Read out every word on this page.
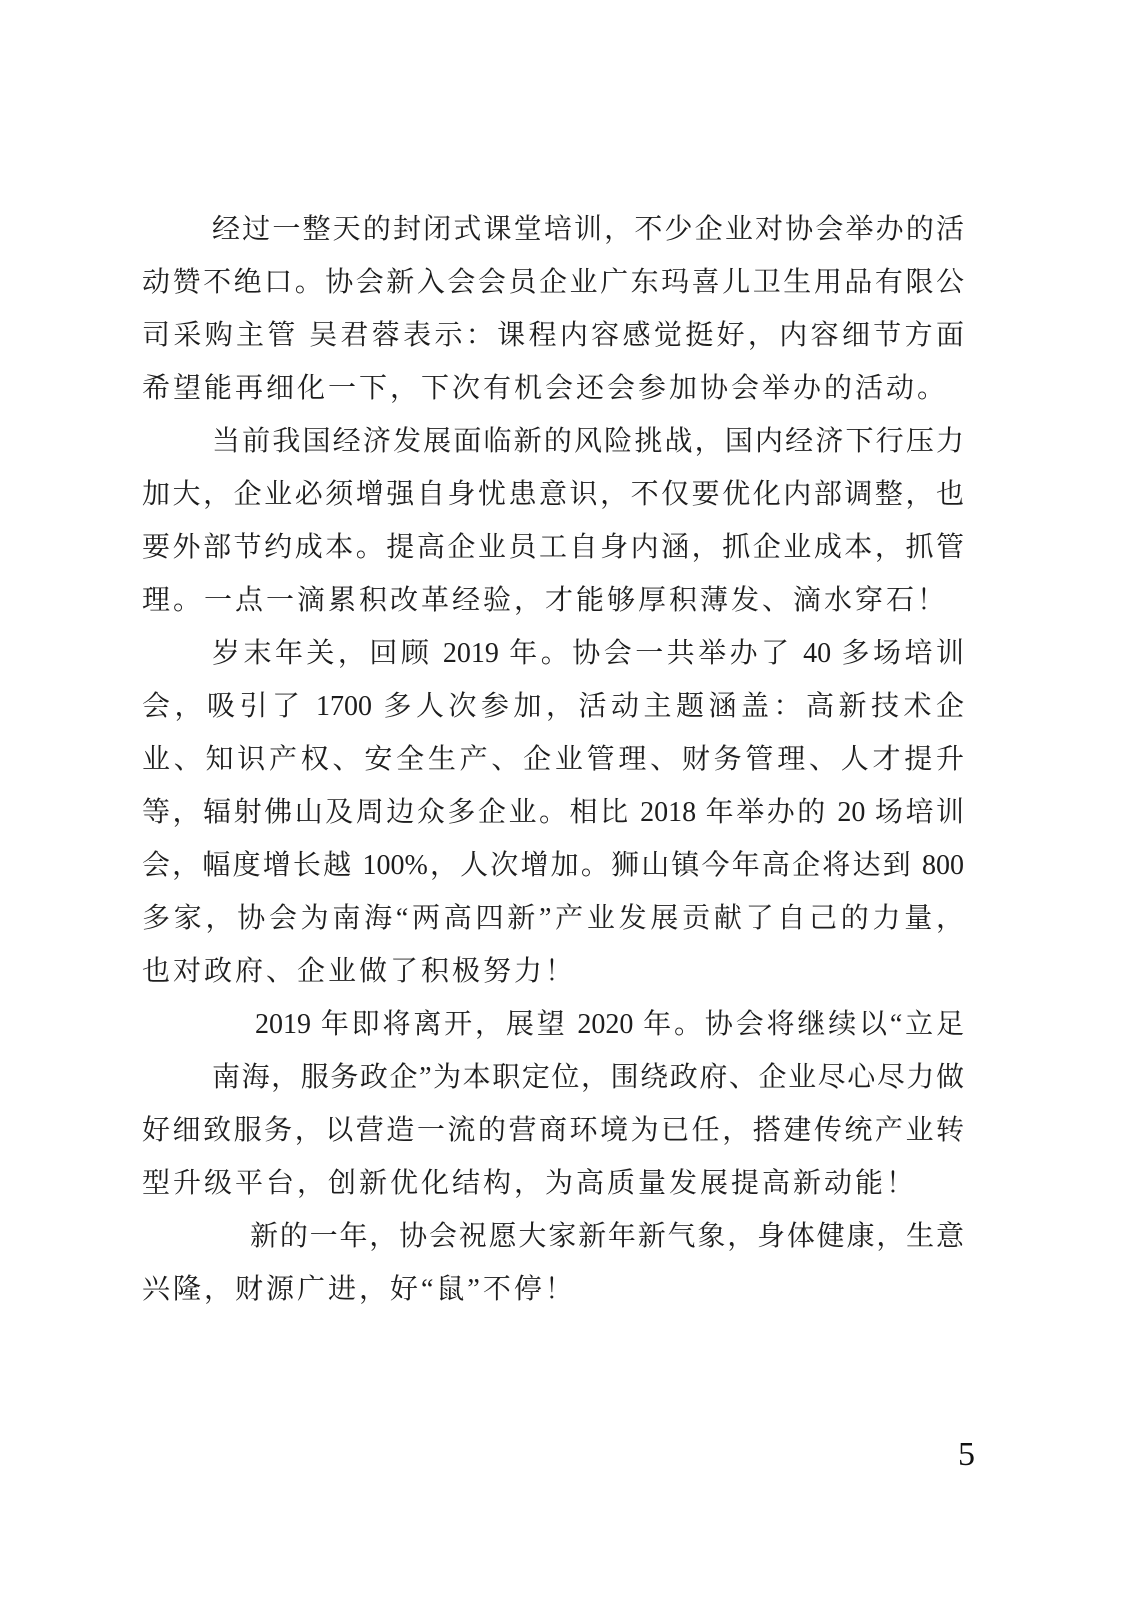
经过一整天的封闭式课堂培训，不少企业对协会举办的活
动赞不绝口。协会新入会会员企业广东玛喜儿卫生用品有限公
司采购主管 吴君蓉表示：课程内容感觉挺好，内容细节方面
希望能再细化一下，下次有机会还会参加协会举办的活动。
当前我国经济发展面临新的风险挑战，国内经济下行压力
加大，企业必须增强自身忧患意识，不仅要优化内部调整，也
要外部节约成本。提高企业员工自身内涵，抓企业成本，抓管
理。一点一滴累积改革经验，才能够厚积薄发、滴水穿石！
岁末年关，回顾 2019 年。协会一共举办了 40 多场培训
会，吸引了 1700 多人次参加，活动主题涵盖：高新技术企
业、知识产权、安全生产、企业管理、财务管理、人才提升
等，辐射佛山及周边众多企业。相比 2018 年举办的 20 场培训
会，幅度增长越 100%，人次增加。狮山镇今年高企将达到 800
多家，协会为南海“两高四新”产业发展贡献了自己的力量，
也对政府、企业做了积极努力！
2019 年即将离开，展望 2020 年。协会将继续以“立足
南海，服务政企”为本职定位，围绕政府、企业尽心尽力做
好细致服务，以营造一流的营商环境为已任，搭建传统产业转
型升级平台，创新优化结构，为高质量发展提高新动能！
新的一年，协会祝愿大家新年新气象，身体健康，生意
兴隆，财源广进，好“鼠”不停！
5
